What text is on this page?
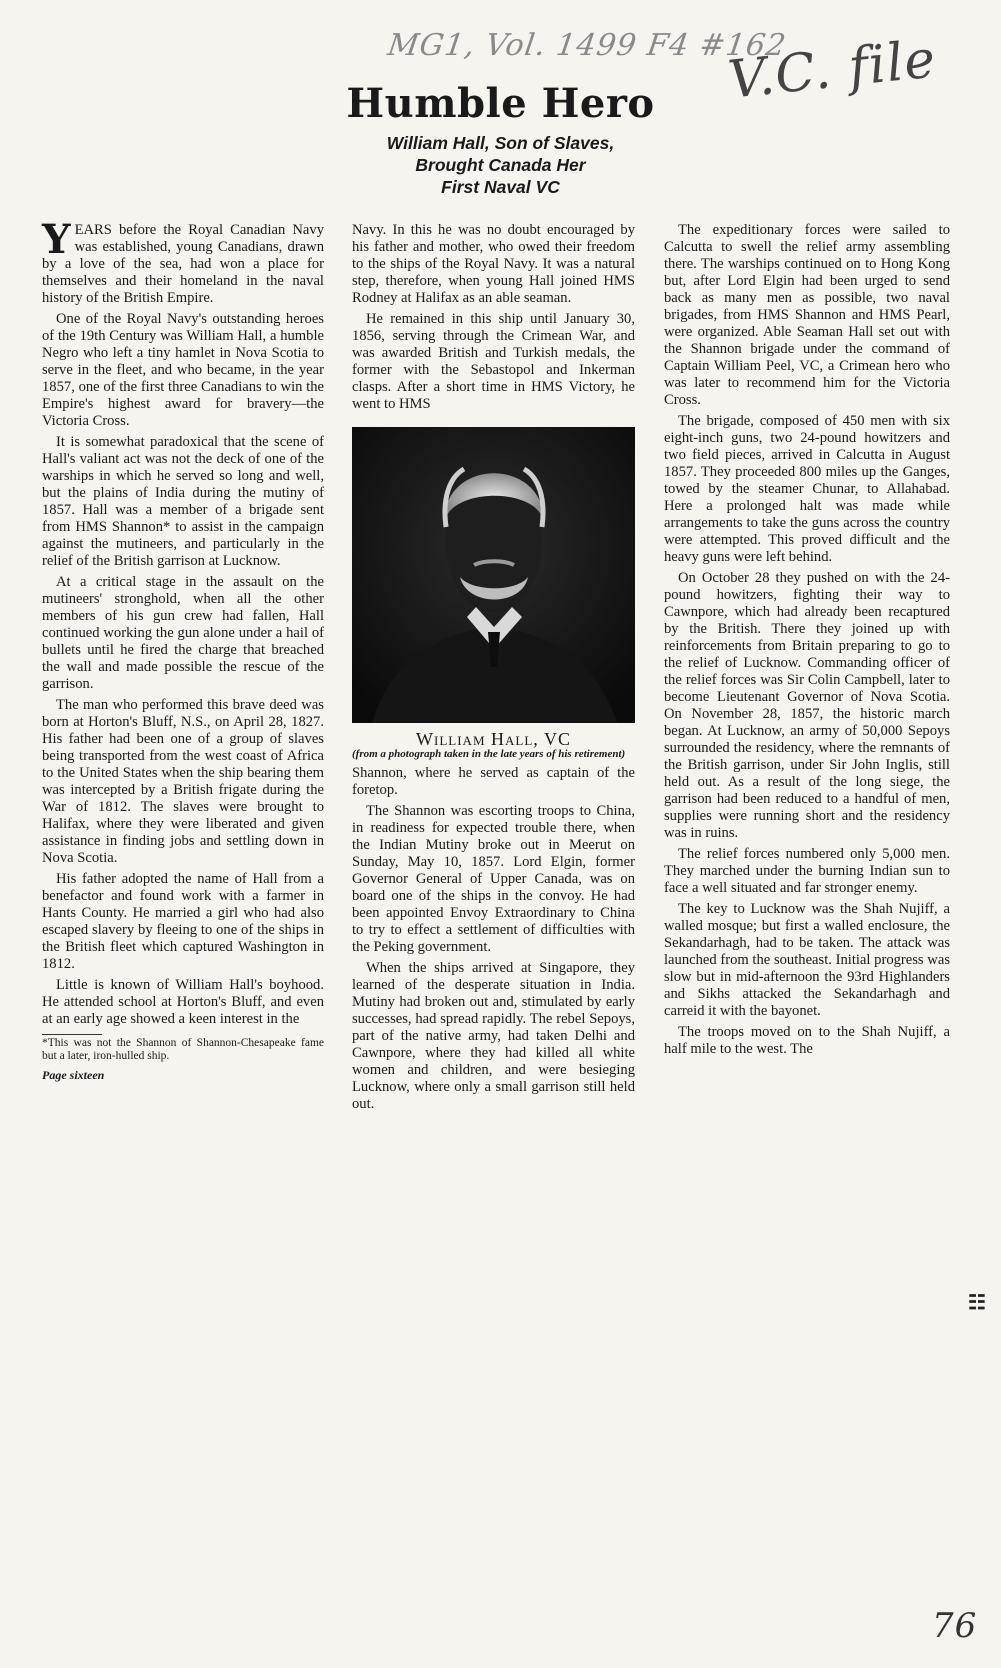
MG1, Vol. 1499 F4 #162
V.C. file
Humble Hero
William Hall, Son of Slaves,
Brought Canada Her
First Naval VC

YEARS before the Royal Canadian Navy was established, young Canadians, drawn by a love of the sea, had won a place for themselves and their homeland in the naval history of the British Empire.

One of the Royal Navy's outstanding heroes of the 19th Century was William Hall, a humble Negro who left a tiny hamlet in Nova Scotia to serve in the fleet, and who became, in the year 1857, one of the first three Canadians to win the Empire's highest award for bravery—the Victoria Cross.

It is somewhat paradoxical that the scene of Hall's valiant act was not the deck of one of the warships in which he served so long and well, but the plains of India during the mutiny of 1857. Hall was a member of a brigade sent from HMS Shannon* to assist in the campaign against the mutineers, and particularly in the relief of the British garrison at Lucknow.

At a critical stage in the assault on the mutineers' stronghold, when all the other members of his gun crew had fallen, Hall continued working the gun alone under a hail of bullets until he fired the charge that breached the wall and made possible the rescue of the garrison.

The man who performed this brave deed was born at Horton's Bluff, N.S., on April 28, 1827. His father had been one of a group of slaves being transported from the west coast of Africa to the United States when the ship bearing them was intercepted by a British frigate during the War of 1812. The slaves were brought to Halifax, where they were liberated and given assistance in finding jobs and settling down in Nova Scotia.

His father adopted the name of Hall from a benefactor and found work with a farmer in Hants County. He married a girl who had also escaped slavery by fleeing to one of the ships in the British fleet which captured Washington in 1812.

Little is known of William Hall's boyhood. He attended school at Horton's Bluff, and even at an early age showed a keen interest in the

*This was not the Shannon of Shannon-Chesapeake fame but a later, iron-hulled ship.

Page sixteen

Navy. In this he was no doubt encouraged by his father and mother, who owed their freedom to the ships of the Royal Navy. It was a natural step, therefore, when young Hall joined HMS Rodney at Halifax as an able seaman.

He remained in this ship until January 30, 1856, serving through the Crimean War, and was awarded British and Turkish medals, the former with the Sebastopol and Inkerman clasps. After a short time in HMS Victory, he went to HMS

William Hall, VC

(from a photograph taken in the late years of his retirement)

Shannon, where he served as captain of the foretop.

The Shannon was escorting troops to China, in readiness for expected trouble there, when the Indian Mutiny broke out in Meerut on Sunday, May 10, 1857. Lord Elgin, former Governor General of Upper Canada, was on board one of the ships in the convoy. He had been appointed Envoy Extraordinary to China to try to effect a settlement of difficulties with the Peking government.

When the ships arrived at Singapore, they learned of the desperate situation in India. Mutiny had broken out and, stimulated by early successes, had spread rapidly. The rebel Sepoys, part of the native army, had taken Delhi and Cawnpore, where they had killed all white women and children, and were besieging Lucknow, where only a small garrison still held out.

The expeditionary forces were sailed to Calcutta to swell the relief army assembling there. The warships continued on to Hong Kong but, after Lord Elgin had been urged to send back as many men as possible, two naval brigades, from HMS Shannon and HMS Pearl, were organized. Able Seaman Hall set out with the Shannon brigade under the command of Captain William Peel, VC, a Crimean hero who was later to recommend him for the Victoria Cross.

The brigade, composed of 450 men with six eight-inch guns, two 24-pound howitzers and two field pieces, arrived in Calcutta in August 1857. They proceeded 800 miles up the Ganges, towed by the steamer Chunar, to Allahabad. Here a prolonged halt was made while arrangements to take the guns across the country were attempted. This proved difficult and the heavy guns were left behind.

On October 28 they pushed on with the 24-pound howitzers, fighting their way to Cawnpore, which had already been recaptured by the British. There they joined up with reinforcements from Britain preparing to go to the relief of Lucknow. Commanding officer of the relief forces was Sir Colin Campbell, later to become Lieutenant Governor of Nova Scotia. On November 28, 1857, the historic march began. At Lucknow, an army of 50,000 Sepoys surrounded the residency, where the remnants of the British garrison, under Sir John Inglis, still held out. As a result of the long siege, the garrison had been reduced to a handful of men, supplies were running short and the residency was in ruins.

The relief forces numbered only 5,000 men. They marched under the burning Indian sun to face a well situated and far stronger enemy.

The key to Lucknow was the Shah Nujiff, a walled mosque; but first a walled enclosure, the Sekandarhagh, had to be taken. The attack was launched from the southeast. Initial progress was slow but in mid-afternoon the 93rd Highlanders and Sikhs attacked the Sekandarhagh and carreid it with the bayonet.

The troops moved on to the Shah Nujiff, a half mile to the west. The

☷
76
